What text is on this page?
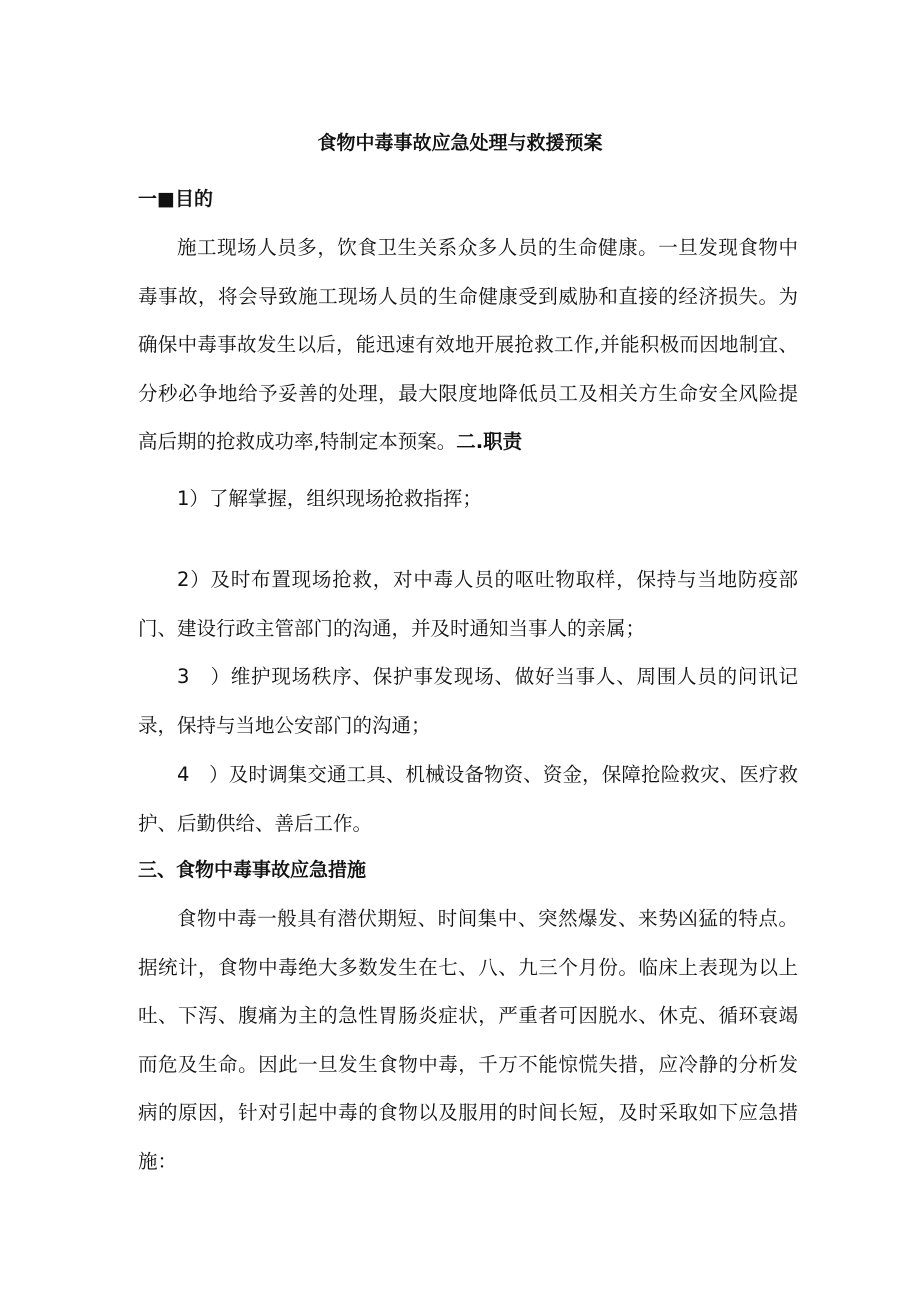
食物中毒事故应急处理与救援预案
一■目的

施工现场人员多，饮食卫生关系众多人员的生命健康。一旦发现食物中毒事故，将会导致施工现场人员的生命健康受到威胁和直接的经济损失。为确保中毒事故发生以后，能迅速有效地开展抢救工作,并能积极而因地制宜、分秒必争地给予妥善的处理，最大限度地降低员工及相关方生命安全风险提高后期的抢救成功率,特制定本预案。二.职责

1）了解掌握，组织现场抢救指挥；

2）及时布置现场抢救，对中毒人员的呕吐物取样，保持与当地防疫部门、建设行政主管部门的沟通，并及时通知当事人的亲属；

3　）维护现场秩序、保护事发现场、做好当事人、周围人员的问讯记录，保持与当地公安部门的沟通；

4　）及时调集交通工具、机械设备物资、资金，保障抢险救灾、医疗救护、后勤供给、善后工作。

三、食物中毒事故应急措施

食物中毒一般具有潜伏期短、时间集中、突然爆发、来势凶猛的特点。据统计，食物中毒绝大多数发生在七、八、九三个月份。临床上表现为以上吐、下泻、腹痛为主的急性胃肠炎症状，严重者可因脱水、休克、循环衰竭而危及生命。因此一旦发生食物中毒，千万不能惊慌失措，应冷静的分析发病的原因，针对引起中毒的食物以及服用的时间长短，及时采取如下应急措施：
